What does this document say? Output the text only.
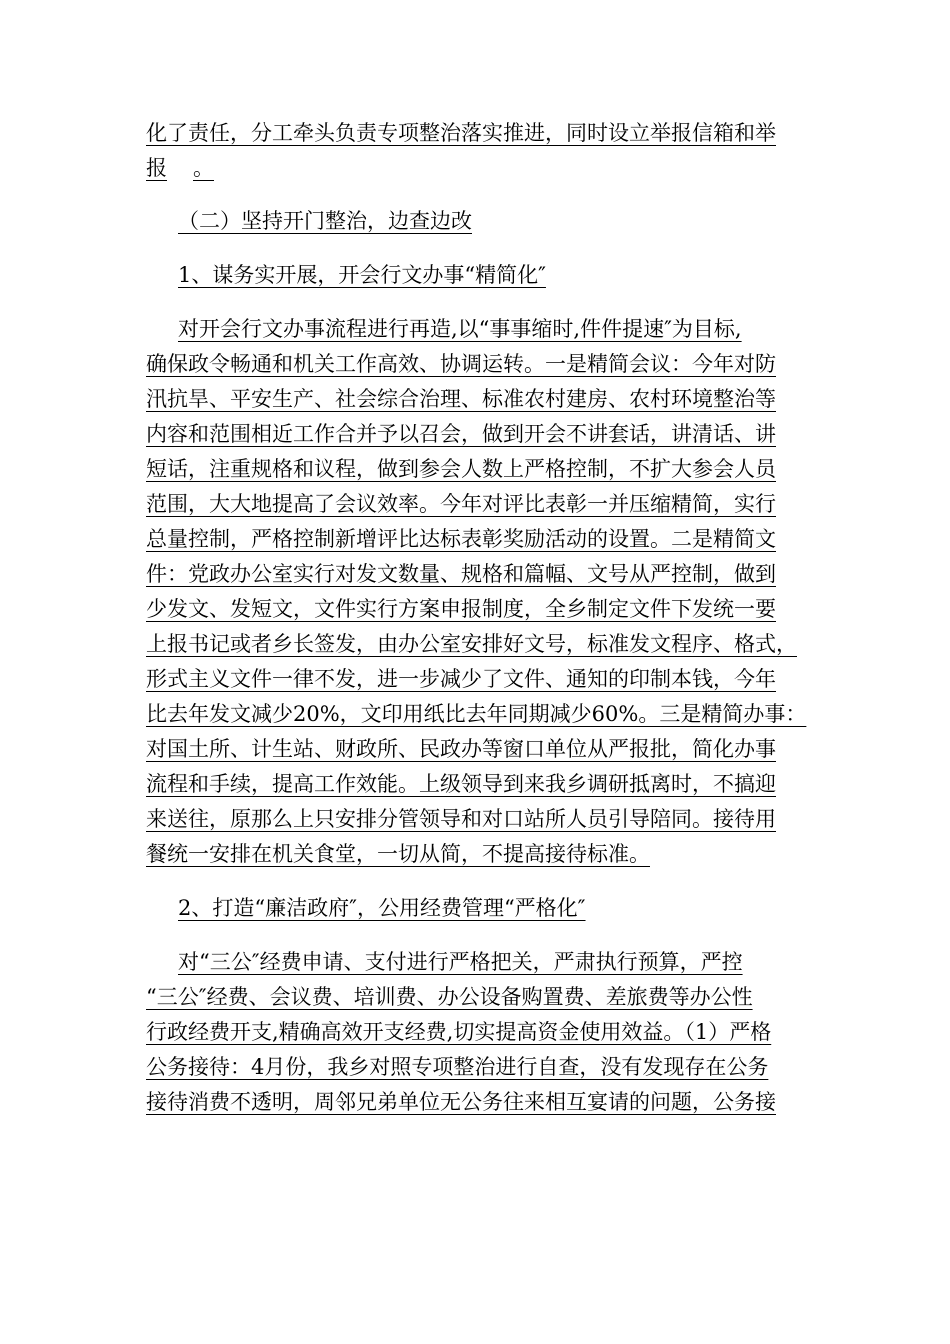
化了责任，分工牵头负责专项整治落实推进，同时设立举报信箱和举
报 。
（二）坚持开门整治，边查边改
1、谋务实开展，开会行文办事“精简化″
对开会行文办事流程进行再造,以“事事缩时,件件提速″为目标,
确保政令畅通和机关工作高效、协调运转。一是精简会议：今年对防
汛抗旱、平安生产、社会综合治理、标准农村建房、农村环境整治等
内容和范围相近工作合并予以召会，做到开会不讲套话，讲清话、讲
短话，注重规格和议程，做到参会人数上严格控制，不扩大参会人员
范围，大大地提高了会议效率。今年对评比表彰一并压缩精简，实行
总量控制，严格控制新增评比达标表彰奖励活动的设置。二是精简文
件：党政办公室实行对发文数量、规格和篇幅、文号从严控制，做到
少发文、发短文，文件实行方案申报制度，全乡制定文件下发统一要
上报书记或者乡长签发，由办公室安排好文号，标准发文程序、格式，
形式主义文件一律不发，进一步减少了文件、通知的印制本钱，今年
比去年发文减少20%，文印用纸比去年同期减少60%。三是精简办事：
对国土所、计生站、财政所、民政办等窗口单位从严报批，简化办事
流程和手续，提高工作效能。上级领导到来我乡调研抵离时，不搞迎
来送往，原那么上只安排分管领导和对口站所人员引导陪同。接待用
餐统一安排在机关食堂，一切从简，不提高接待标准。
2、打造“廉洁政府″，公用经费管理“严格化″
对“三公″经费申请、支付进行严格把关，严肃执行预算，严控
“三公″经费、会议费、培训费、办公设备购置费、差旅费等办公性
行政经费开支,精确高效开支经费,切实提高资金使用效益。（1）严格
公务接待：4月份，我乡对照专项整治进行自查，没有发现存在公务
接待消费不透明，周邻兄弟单位无公务往来相互宴请的问题，公务接
